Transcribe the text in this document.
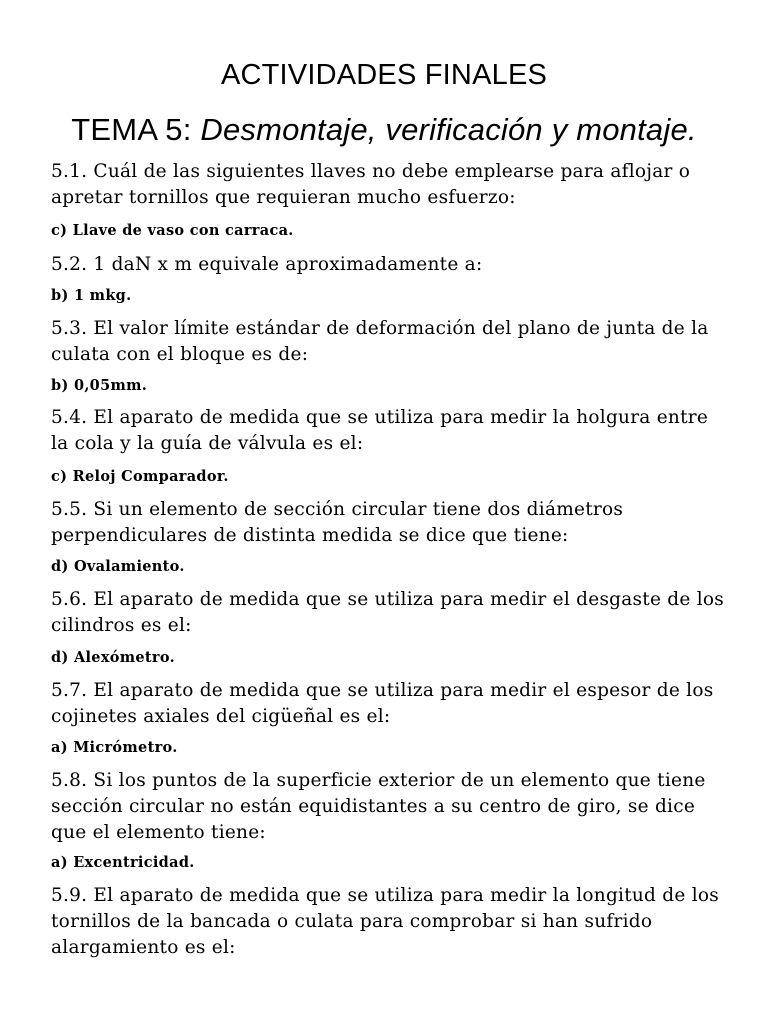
ACTIVIDADES FINALES
TEMA 5: Desmontaje, verificación y montaje.

5.1. Cuál de las siguientes llaves no debe emplearse para aflojar o apretar tornillos que requieran mucho esfuerzo:

c) Llave de vaso con carraca.

5.2. 1 daN x m equivale aproximadamente a:

b) 1 mkg.

5.3. El valor límite estándar de deformación del plano de junta de la culata con el bloque es de:

b) 0,05mm.

5.4. El aparato de medida que se utiliza para medir la holgura entre la cola y la guía de válvula es el:

c) Reloj Comparador.

5.5. Si un elemento de sección circular tiene dos diámetros perpendiculares de distinta medida se dice que tiene:

d) Ovalamiento.

5.6. El aparato de medida que se utiliza para medir el desgaste de los cilindros es el:

d) Alexómetro.

5.7. El aparato de medida que se utiliza para medir el espesor de los cojinetes axiales del cigüeñal es el:

a) Micrómetro.

5.8. Si los puntos de la superficie exterior de un elemento que tiene sección circular no están equidistantes a su centro de giro, se dice que el elemento tiene:

a) Excentricidad.

5.9. El aparato de medida que se utiliza para medir la longitud de los tornillos de la bancada o culata para comprobar si han sufrido alargamiento es el:
